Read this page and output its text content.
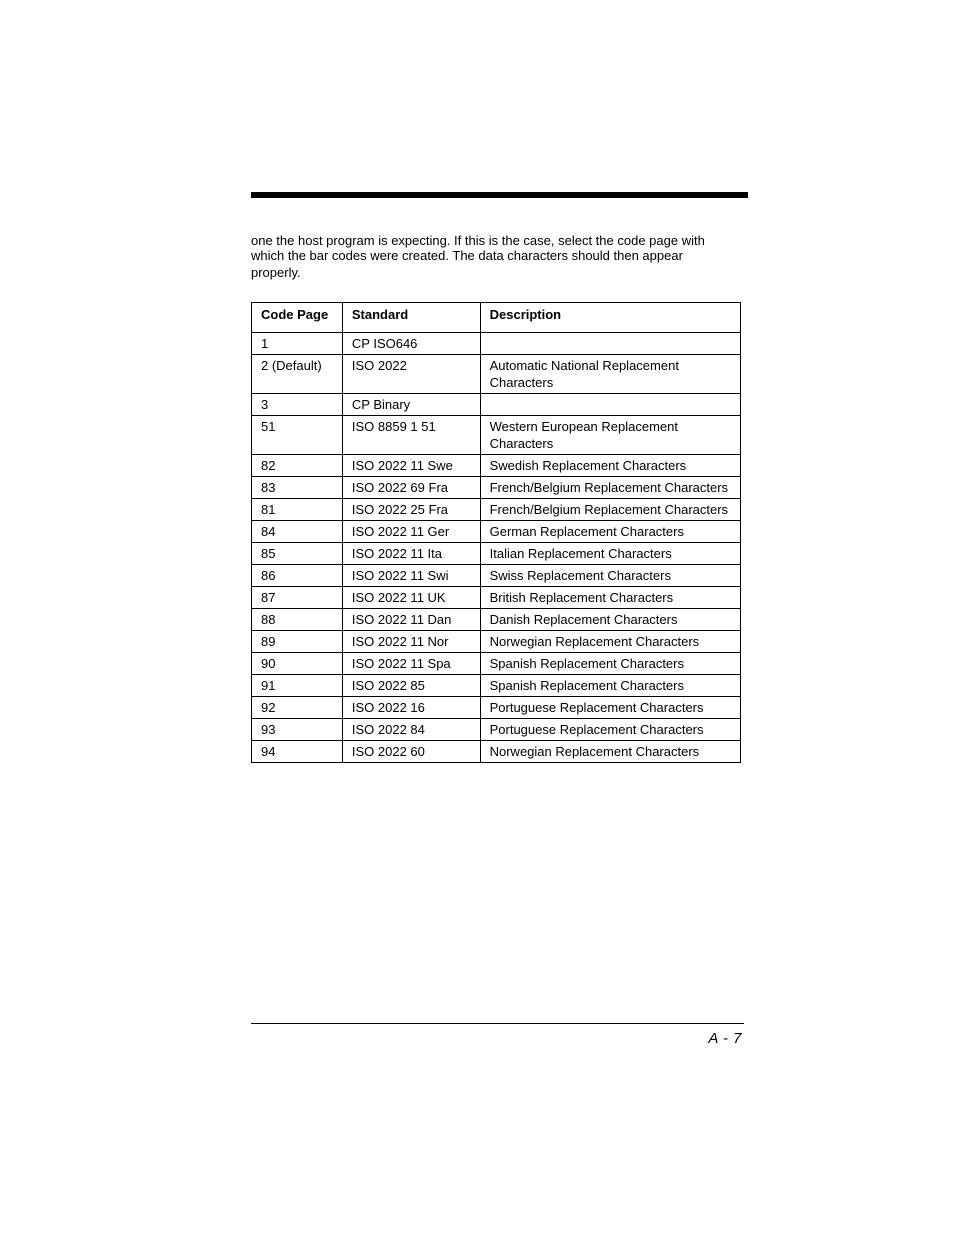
one the host program is expecting. If this is the case, select the code page with
which the bar codes were created. The data characters should then appear
properly.

Code Page	Standard	Description
1	CP ISO646	
2 (Default)	ISO 2022	Automatic National Replacement Characters
3	CP Binary	
51	ISO 8859 1 51	Western European Replacement Characters
82	ISO 2022 11 Swe	Swedish Replacement Characters
83	ISO 2022 69 Fra	French/Belgium Replacement Characters
81	ISO 2022 25 Fra	French/Belgium Replacement Characters
84	ISO 2022 11 Ger	German Replacement Characters
85	ISO 2022 11 Ita	Italian Replacement Characters
86	ISO 2022 11 Swi	Swiss Replacement Characters
87	ISO 2022 11 UK	British Replacement Characters
88	ISO 2022 11 Dan	Danish Replacement Characters
89	ISO 2022 11 Nor	Norwegian Replacement Characters
90	ISO 2022 11 Spa	Spanish Replacement Characters
91	ISO 2022 85	Spanish Replacement Characters
92	ISO 2022 16	Portuguese Replacement Characters
93	ISO 2022 84	Portuguese Replacement Characters
94	ISO 2022 60	Norwegian Replacement Characters
A - 7
